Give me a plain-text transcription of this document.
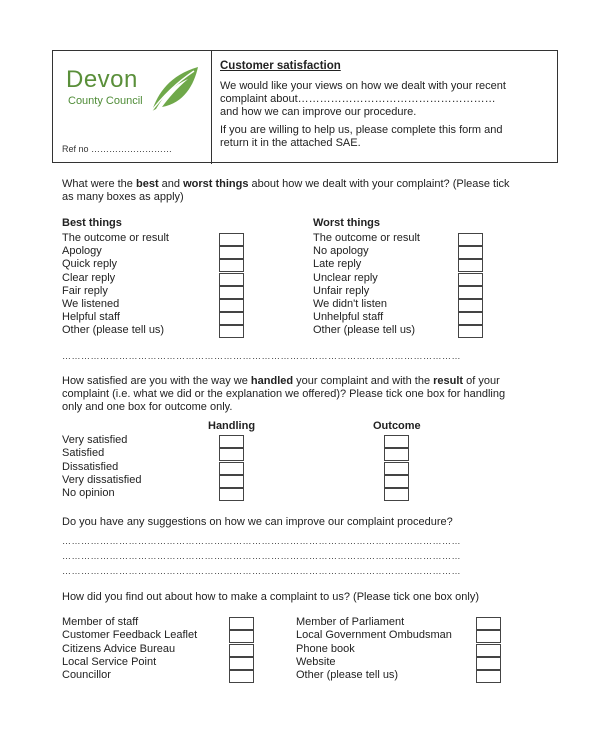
Devon
County Council
Ref no ………………………
Customer satisfaction
We would like your views on how we dealt with your recent
complaint about………………………………………………
and how we can improve our procedure.
If you are willing to help us, please complete this form and
return it in the attached SAE.
What were the best and worst things about how we dealt with your complaint? (Please tick
as many boxes as apply)
Best things	Worst things
………………………………………………………………………………………………………………
How satisfied are you with the way we handled your complaint and with the result of your
complaint (i.e. what we did or the explanation we offered)? Please tick one box for handling
only and one box for outcome only.
Handling	Outcome
Do you have any suggestions on how we can improve our complaint procedure?
………………………………………………………………………………………………………………
………………………………………………………………………………………………………………
………………………………………………………………………………………………………………
How did you find out about how to make a complaint to us? (Please tick one box only)
The outcome or result
Apology
Quick reply
Clear reply
Fair reply
We listened
Helpful staff
Other (please tell us)
The outcome or result
No apology
Late reply
Unclear reply
Unfair reply
We didn't listen
Unhelpful staff
Other (please tell us)
Very satisfied
Satisfied
Dissatisfied
Very dissatisfied
No opinion
Member of staff
Customer Feedback Leaflet
Citizens Advice Bureau
Local Service Point
Councillor
Member of Parliament
Local Government Ombudsman
Phone book
Website
Other (please tell us)
